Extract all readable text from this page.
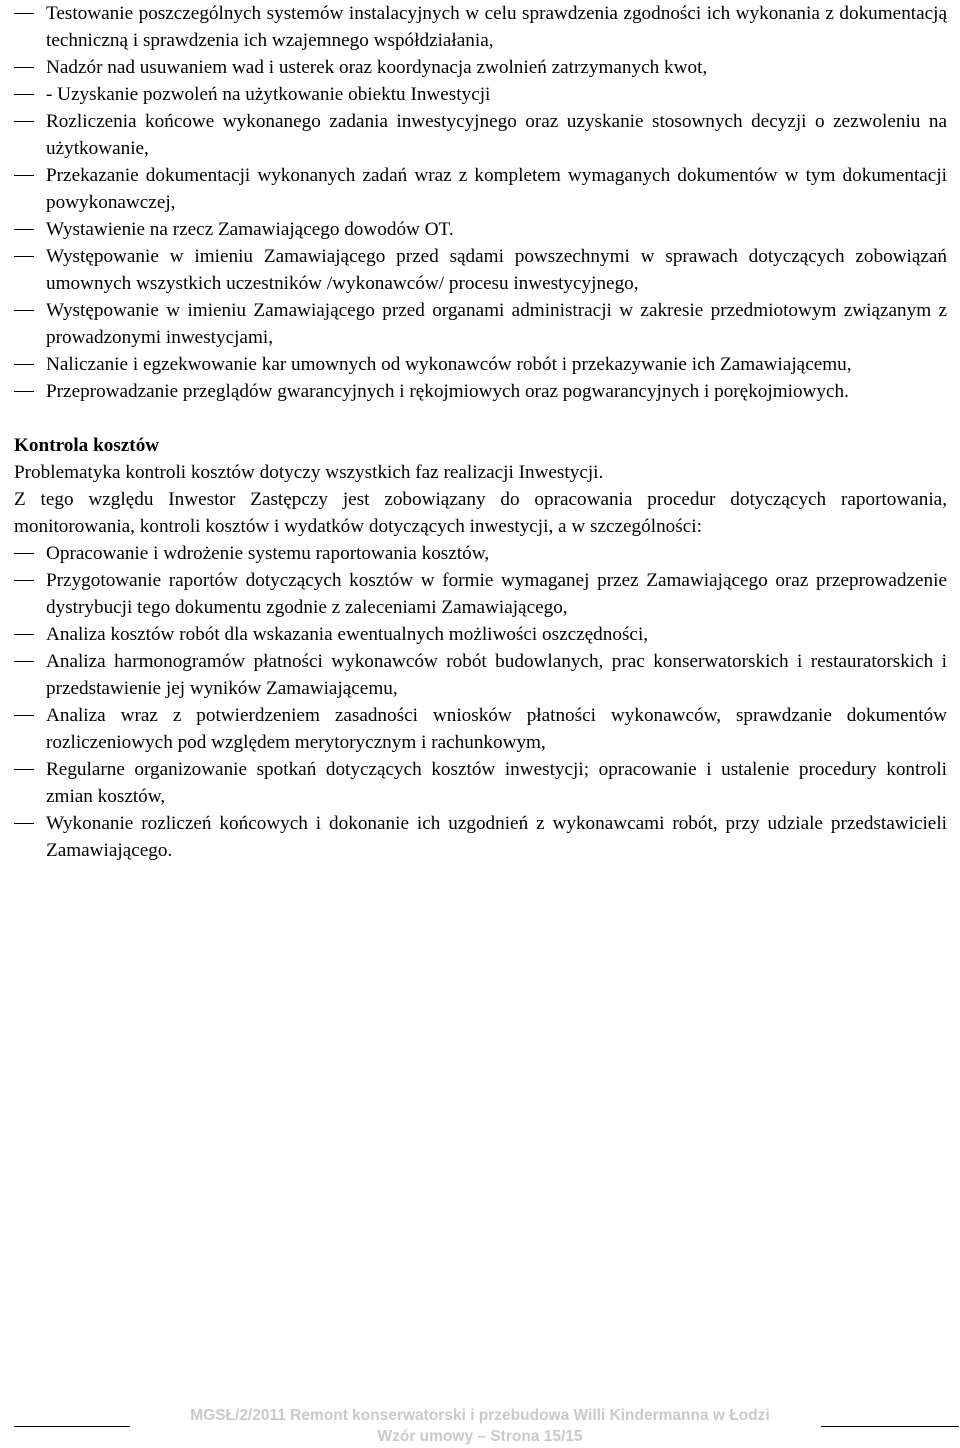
Testowanie poszczególnych systemów instalacyjnych w celu sprawdzenia zgodności ich wykonania z dokumentacją techniczną i sprawdzenia ich wzajemnego współdziałania,
Nadzór nad usuwaniem wad i usterek oraz koordynacja zwolnień zatrzymanych kwot,
- Uzyskanie pozwoleń na użytkowanie obiektu Inwestycji
Rozliczenia końcowe wykonanego zadania inwestycyjnego oraz uzyskanie stosownych decyzji o zezwoleniu na użytkowanie,
Przekazanie dokumentacji wykonanych zadań wraz z kompletem wymaganych dokumentów w tym dokumentacji powykonawczej,
Wystawienie na rzecz Zamawiającego dowodów OT.
Występowanie w imieniu Zamawiającego przed sądami powszechnymi w sprawach dotyczących zobowiązań umownych wszystkich uczestników /wykonawców/ procesu inwestycyjnego,
Występowanie w imieniu Zamawiającego przed organami administracji w zakresie przedmiotowym związanym z prowadzonymi inwestycjami,
Naliczanie i egzekwowanie kar umownych od wykonawców robót i przekazywanie ich Zamawiającemu,
Przeprowadzanie przeglądów gwarancyjnych i rękojmiowych oraz pogwarancyjnych i porękojmiowych.
Kontrola kosztów
Problematyka kontroli kosztów dotyczy wszystkich faz realizacji Inwestycji.
Z tego względu Inwestor Zastępczy jest zobowiązany do opracowania procedur dotyczących raportowania, monitorowania, kontroli kosztów i wydatków dotyczących inwestycji, a w szczególności:
Opracowanie i wdrożenie systemu raportowania kosztów,
Przygotowanie raportów dotyczących kosztów w formie wymaganej przez Zamawiającego oraz przeprowadzenie dystrybucji tego dokumentu zgodnie z zaleceniami Zamawiającego,
Analiza kosztów robót dla wskazania ewentualnych możliwości oszczędności,
Analiza harmonogramów płatności wykonawców robót budowlanych, prac konserwatorskich i restauratorskich i przedstawienie jej wyników Zamawiającemu,
Analiza wraz z potwierdzeniem zasadności wniosków płatności wykonawców, sprawdzanie dokumentów rozliczeniowych pod względem merytorycznym i rachunkowym,
Regularne organizowanie spotkań dotyczących kosztów inwestycji; opracowanie i ustalenie procedury kontroli zmian kosztów,
Wykonanie rozliczeń końcowych i dokonanie ich uzgodnień z wykonawcami robót, przy udziale przedstawicieli Zamawiającego.
MGSŁ/2/2011 Remont konserwatorski i przebudowa Willi Kindermanna w Łodzi
Wzór umowy – Strona 15/15
